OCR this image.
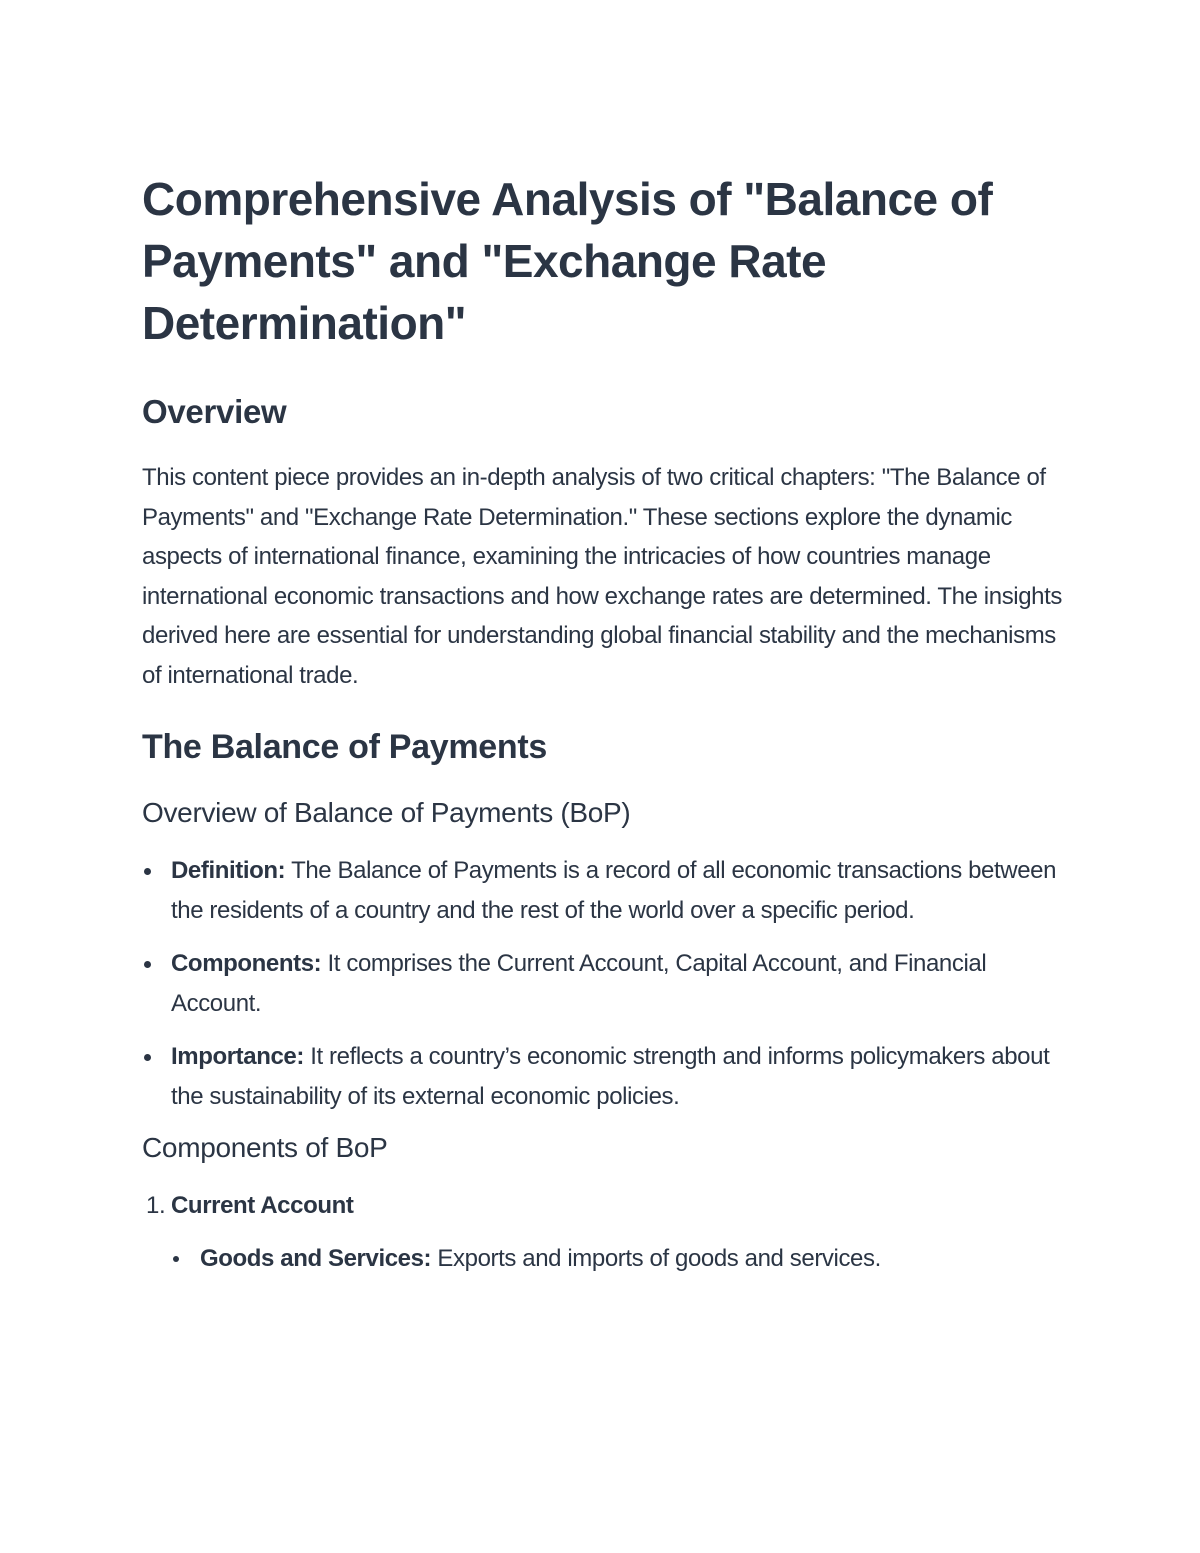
Comprehensive Analysis of "Balance of Payments" and "Exchange Rate Determination"
Overview

This content piece provides an in-depth analysis of two critical chapters: "The Balance of Payments" and "Exchange Rate Determination." These sections explore the dynamic aspects of international finance, examining the intricacies of how countries manage international economic transactions and how exchange rates are determined. The insights derived here are essential for understanding global financial stability and the mechanisms of international trade.

The Balance of Payments
Overview of Balance of Payments (BoP)
Definition: The Balance of Payments is a record of all economic transactions between the residents of a country and the rest of the world over a specific period.
Components: It comprises the Current Account, Capital Account, and Financial Account.
Importance: It reflects a country’s economic strength and informs policymakers about the sustainability of its external economic policies.
Components of BoP
1. Current Account
Goods and Services: Exports and imports of goods and services.
